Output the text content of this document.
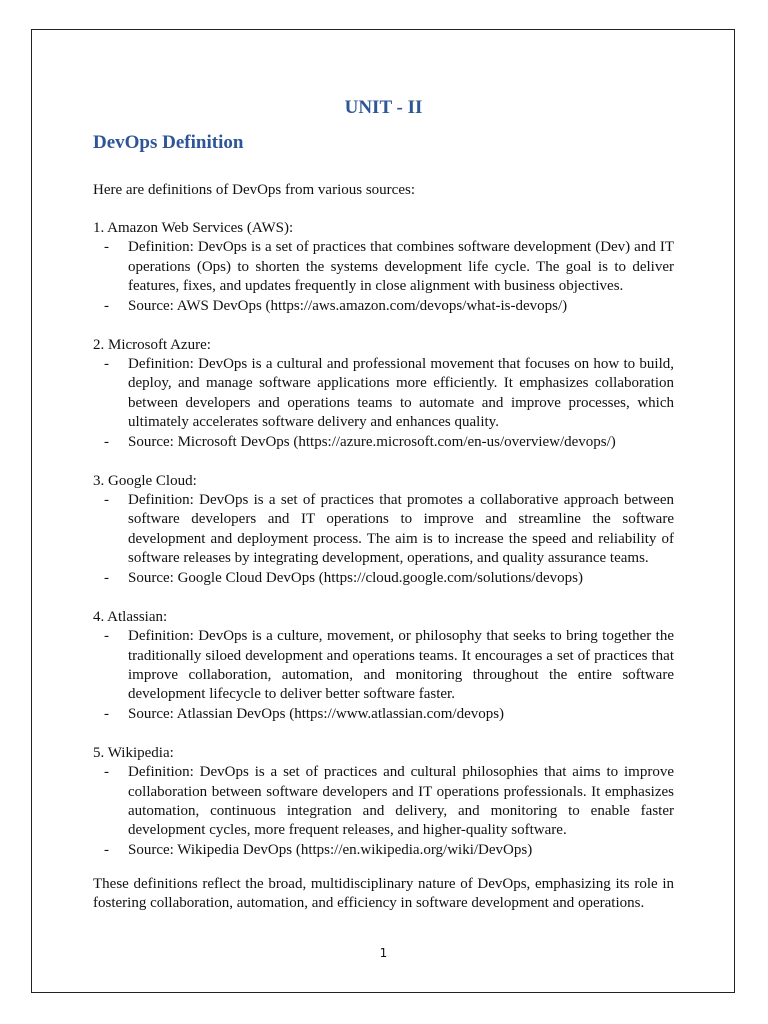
UNIT - II
DevOps Definition
Here are definitions of DevOps from various sources:
1. Amazon Web Services (AWS):
- Definition: DevOps is a set of practices that combines software development (Dev) and IT operations (Ops) to shorten the systems development life cycle. The goal is to deliver features, fixes, and updates frequently in close alignment with business objectives.
- Source: AWS DevOps (https://aws.amazon.com/devops/what-is-devops/)
2. Microsoft Azure:
- Definition: DevOps is a cultural and professional movement that focuses on how to build, deploy, and manage software applications more efficiently. It emphasizes collaboration between developers and operations teams to automate and improve processes, which ultimately accelerates software delivery and enhances quality.
- Source: Microsoft DevOps (https://azure.microsoft.com/en-us/overview/devops/)
3. Google Cloud:
- Definition: DevOps is a set of practices that promotes a collaborative approach between software developers and IT operations to improve and streamline the software development and deployment process. The aim is to increase the speed and reliability of software releases by integrating development, operations, and quality assurance teams.
- Source: Google Cloud DevOps (https://cloud.google.com/solutions/devops)
4. Atlassian:
- Definition: DevOps is a culture, movement, or philosophy that seeks to bring together the traditionally siloed development and operations teams. It encourages a set of practices that improve collaboration, automation, and monitoring throughout the entire software development lifecycle to deliver better software faster.
- Source: Atlassian DevOps (https://www.atlassian.com/devops)
5. Wikipedia:
- Definition: DevOps is a set of practices and cultural philosophies that aims to improve collaboration between software developers and IT operations professionals. It emphasizes automation, continuous integration and delivery, and monitoring to enable faster development cycles, more frequent releases, and higher-quality software.
- Source: Wikipedia DevOps (https://en.wikipedia.org/wiki/DevOps)
These definitions reflect the broad, multidisciplinary nature of DevOps, emphasizing its role in fostering collaboration, automation, and efficiency in software development and operations.
1
